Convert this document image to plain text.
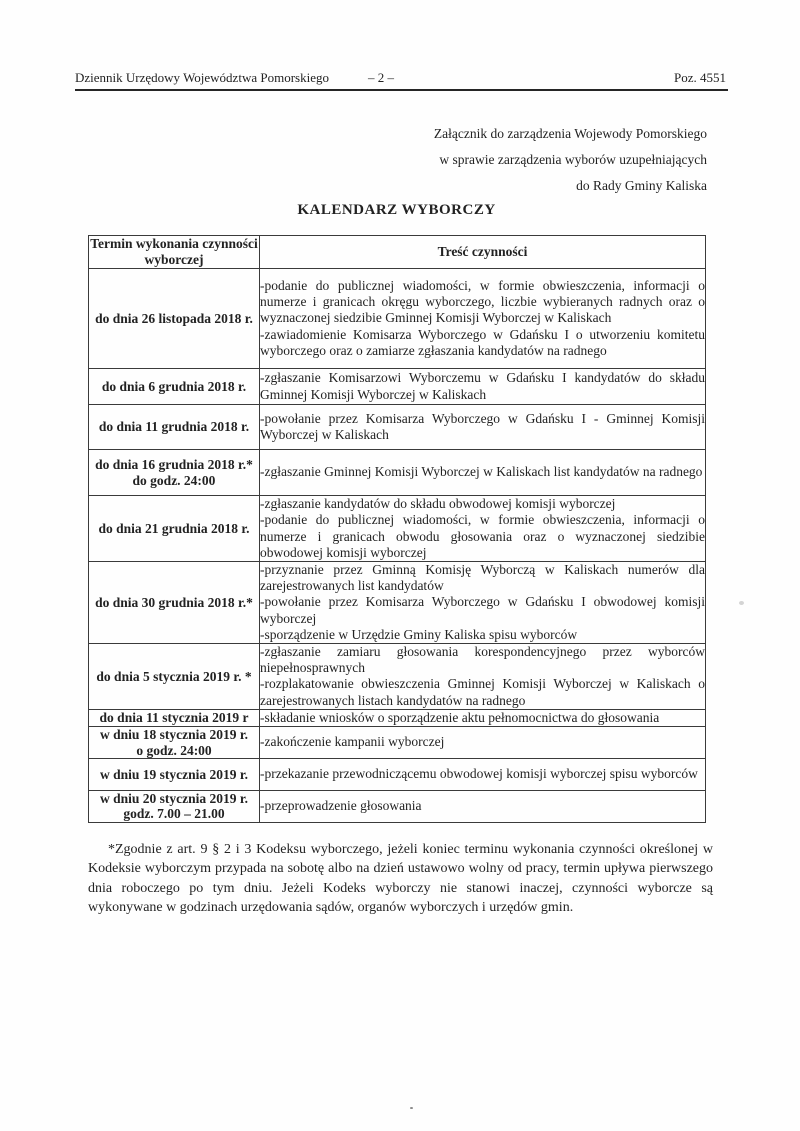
Dziennik Urzędowy Województwa Pomorskiego	– 2 –	Poz. 4551
Załącznik do zarządzenia Wojewody Pomorskiego
w sprawie zarządzenia wyborów uzupełniających
do Rady Gminy Kaliska
KALENDARZ WYBORCZY
Termin wykonania czynności wyborczej	Treść czynności

do dnia 26 listopada 2018 r.	-podanie do publicznej wiadomości, w formie obwieszczenia, informacji o numerze i granicach okręgu wyborczego, liczbie wybieranych radnych oraz o wyznaczonej siedzibie Gminnej Komisji Wyborczej w Kaliskach
-zawiadomienie Komisarza Wyborczego w Gdańsku I o utworzeniu komitetu wyborczego oraz o zamiarze zgłaszania kandydatów na radnego

do dnia 6 grudnia 2018 r.	-zgłaszanie Komisarzowi Wyborczemu w Gdańsku I kandydatów do składu Gminnej Komisji Wyborczej w Kaliskach

do dnia 11 grudnia 2018 r.	-powołanie przez Komisarza Wyborczego w Gdańsku I - Gminnej Komisji Wyborczej w Kaliskach

do dnia 16 grudnia 2018 r.*
do godz. 24:00	-zgłaszanie Gminnej Komisji Wyborczej w Kaliskach list kandydatów na radnego

do dnia 21 grudnia 2018 r.	-zgłaszanie kandydatów do składu obwodowej komisji wyborczej
-podanie do publicznej wiadomości, w formie obwieszczenia, informacji o numerze i granicach obwodu głosowania oraz o wyznaczonej siedzibie obwodowej komisji wyborczej

do dnia 30 grudnia 2018 r.*	-przyznanie przez Gminną Komisję Wyborczą w Kaliskach numerów dla zarejestrowanych list kandydatów
-powołanie przez Komisarza Wyborczego w Gdańsku I obwodowej komisji wyborczej
-sporządzenie w Urzędzie Gminy Kaliska spisu wyborców

do dnia 5 stycznia 2019 r. *	-zgłaszanie zamiaru głosowania korespondencyjnego przez wyborców niepełnosprawnych
-rozplakatowanie obwieszczenia Gminnej Komisji Wyborczej w Kaliskach o zarejestrowanych listach kandydatów na radnego

do dnia 11 stycznia 2019 r	-składanie wniosków o sporządzenie aktu pełnomocnictwa do głosowania

w dniu 18 stycznia 2019 r.
o godz. 24:00	-zakończenie kampanii wyborczej

w dniu 19 stycznia 2019 r.	-przekazanie przewodniczącemu obwodowej komisji wyborczej spisu wyborców

w dniu 20 stycznia 2019 r.
godz. 7.00 – 21.00	-przeprowadzenie głosowania

*Zgodnie z art. 9 § 2 i 3 Kodeksu wyborczego, jeżeli koniec terminu wykonania czynności określonej w Kodeksie wyborczym przypada na sobotę albo na dzień ustawowo wolny od pracy, termin upływa pierwszego dnia roboczego po tym dniu. Jeżeli Kodeks wyborczy nie stanowi inaczej, czynności wyborcze są wykonywane w godzinach urzędowania sądów, organów wyborczych i urzędów gmin.
